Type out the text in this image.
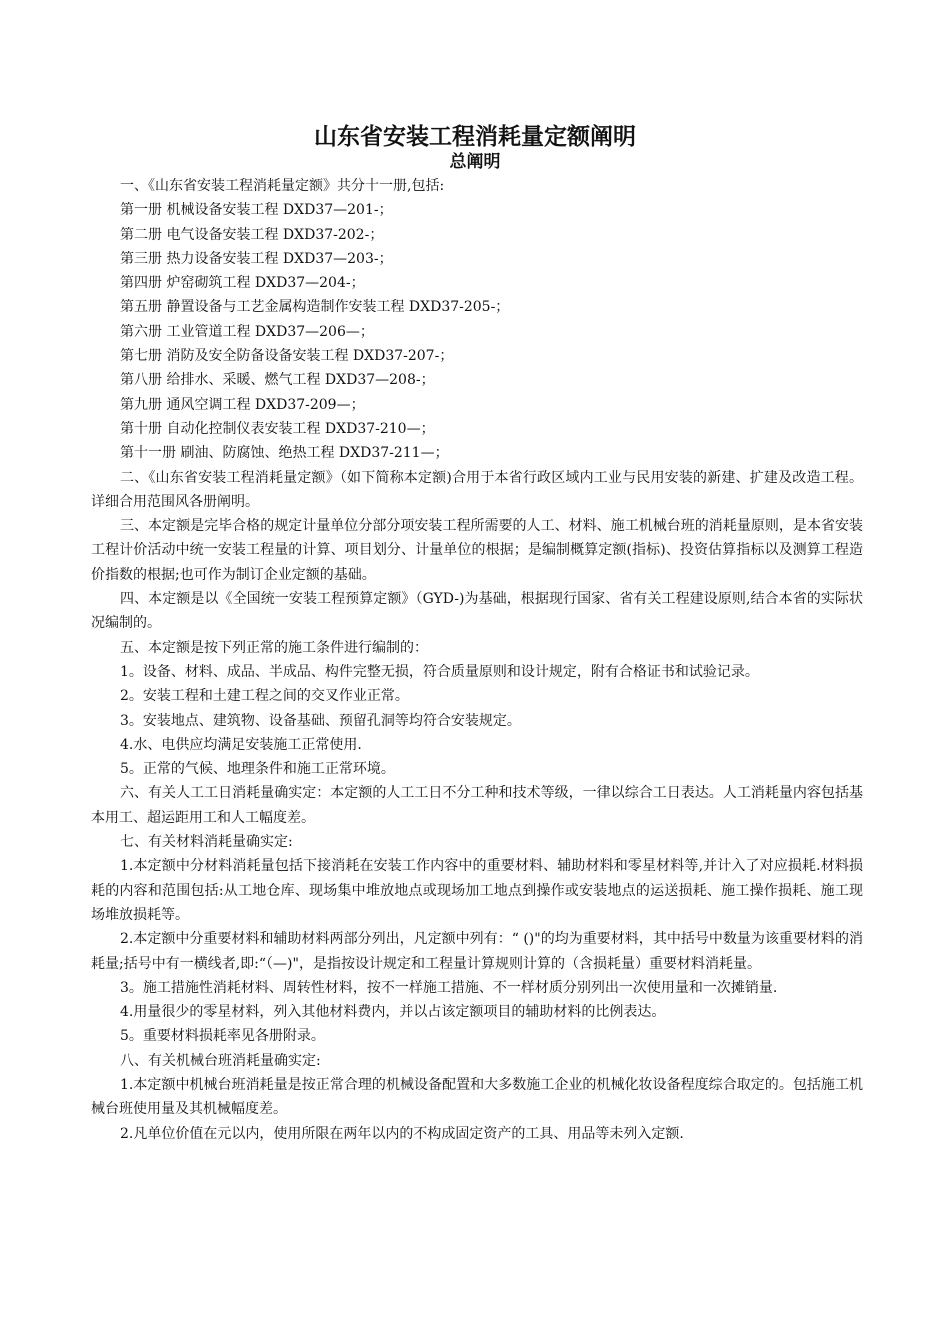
山东省安装工程消耗量定额阐明
总阐明

一、《山东省安装工程消耗量定额》共分十一册,包括:

第一册 机械设备安装工程 DXD37—201-；

第二册 电气设备安装工程 DXD37-202-；

第三册 热力设备安装工程 DXD37—203-；

第四册 炉窑砌筑工程 DXD37—204-；

第五册 静置设备与工艺金属构造制作安装工程 DXD37-205-；

第六册 工业管道工程 DXD37—206—；

第七册 消防及安全防备设备安装工程 DXD37-207-；

第八册 给排水、采暖、燃气工程 DXD37—208-；

第九册 通风空调工程 DXD37-209—；

第十册 自动化控制仪表安装工程 DXD37-210—；

第十一册 刷油、防腐蚀、绝热工程 DXD37-211—；

二、《山东省安装工程消耗量定额》（如下简称本定额)合用于本省行政区域内工业与民用安装的新建、扩建及改造工程。详细合用范围风各册阐明。

三、本定额是完毕合格的规定计量单位分部分项安装工程所需要的人工、材料、施工机械台班的消耗量原则，是本省安装工程计价活动中统一安装工程量的计算、项目划分、计量单位的根据；是编制概算定额(指标)、投资估算指标以及测算工程造价指数的根据;也可作为制订企业定额的基础。

四、本定额是以《全国统一安装工程预算定额》（GYD-)为基础，根据现行国家、省有关工程建设原则,结合本省的实际状况编制的。

五、本定额是按下列正常的施工条件进行编制的：

1。设备、材料、成品、半成品、构件完整无损，符合质量原则和设计规定，附有合格证书和试验记录。

2。安装工程和土建工程之间的交叉作业正常。

3。安装地点、建筑物、设备基础、预留孔洞等均符合安装规定。

4.水、电供应均满足安装施工正常使用.

5。正常的气候、地理条件和施工正常环境。

六、有关人工工日消耗量确实定：本定额的人工工日不分工种和技术等级，一律以综合工日表达。人工消耗量内容包括基本用工、超运距用工和人工幅度差。

七、有关材料消耗量确实定:

1.本定额中分材料消耗量包括下接消耗在安装工作内容中的重要材料、辅助材料和零星材料等,并计入了对应损耗.材料损耗的内容和范围包括:从工地仓库、现场集中堆放地点或现场加工地点到操作或安装地点的运送损耗、施工操作损耗、施工现场堆放损耗等。

2.本定额中分重要材料和辅助材料两部分列出，凡定额中列有：“ ()"的均为重要材料，其中括号中数量为该重要材料的消耗量;括号中有一横线者,即:“（—)"，是指按设计规定和工程量计算规则计算的（含损耗量）重要材料消耗量。

3。施工措施性消耗材料、周转性材料，按不一样施工措施、不一样材质分别列出一次使用量和一次摊销量.

4.用量很少的零星材料，列入其他材料费内，并以占该定额项目的辅助材料的比例表达。

5。重要材料损耗率见各册附录。

八、有关机械台班消耗量确实定:

1.本定额中机械台班消耗量是按正常合理的机械设备配置和大多数施工企业的机械化妆设备程度综合取定的。包括施工机械台班使用量及其机械幅度差。

2.凡单位价值在元以内，使用所限在两年以内的不构成固定资产的工具、用品等未列入定额.
